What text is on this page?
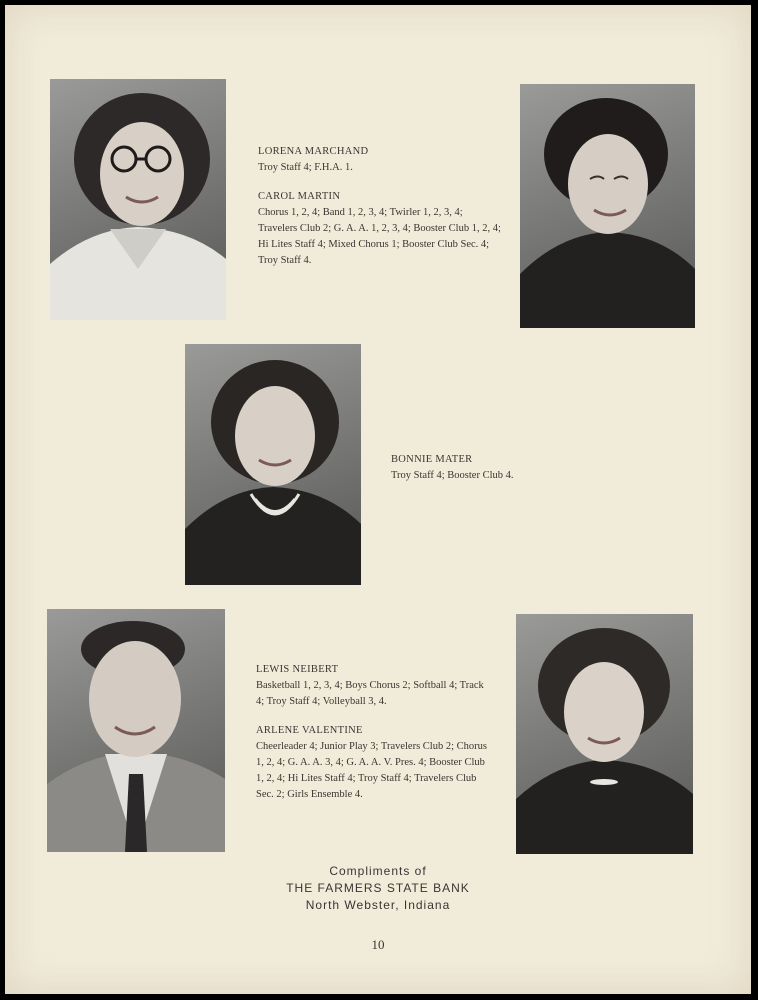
LORENA MARCHAND

Troy Staff 4; F.H.A. 1.

CAROL MARTIN

Chorus 1, 2, 4; Band 1, 2, 3, 4; Twirler 1, 2, 3, 4; Travelers Club 2; G. A. A. 1, 2, 3, 4; Booster Club 1, 2, 4; Hi Lites Staff 4; Mixed Chorus 1; Booster Club Sec. 4; Troy Staff 4.

BONNIE MATER

Troy Staff 4; Booster Club 4.

LEWIS NEIBERT

Basketball 1, 2, 3, 4; Boys Chorus 2; Softball 4; Track 4; Troy Staff 4; Volleyball 3, 4.

ARLENE VALENTINE

Cheerleader 4; Junior Play 3; Travelers Club 2; Chorus 1, 2, 4; G. A. A. 3, 4; G. A. A. V. Pres. 4; Booster Club 1, 2, 4; Hi Lites Staff 4; Troy Staff 4; Travelers Club Sec. 2; Girls Ensemble 4.

Compliments of
THE FARMERS STATE BANK
North Webster, Indiana
10
